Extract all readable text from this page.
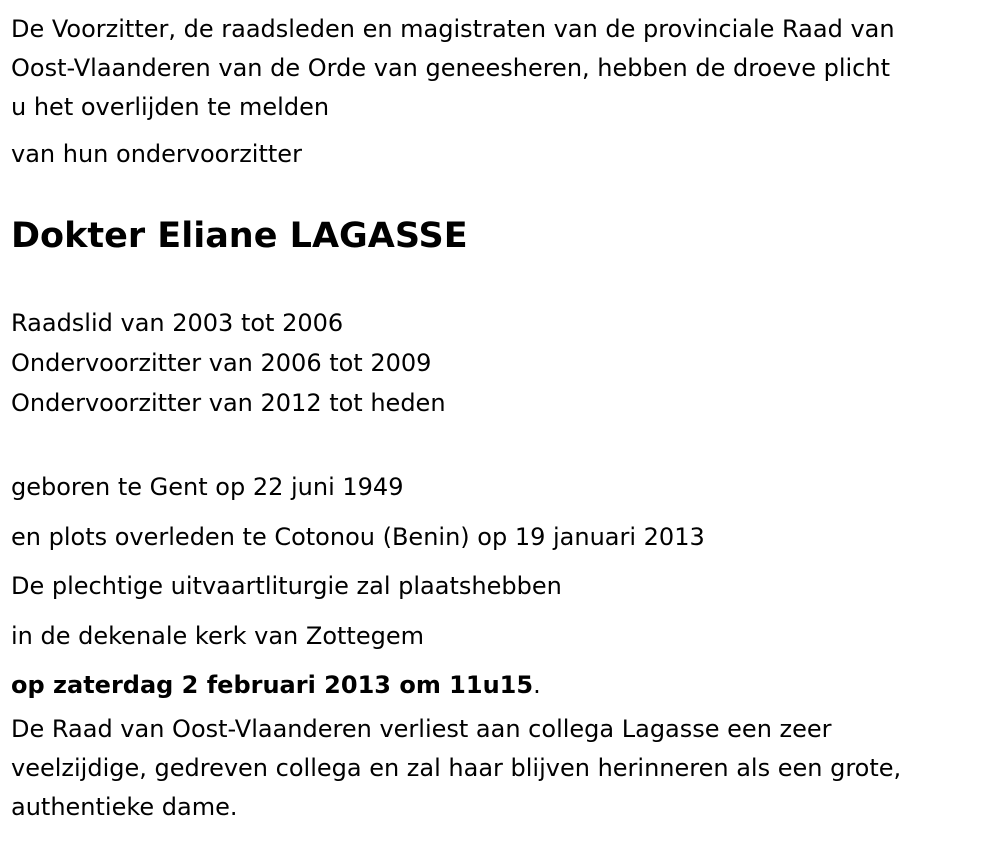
De Voorzitter, de raadsleden en magistraten van de provinciale Raad van

Oost-Vlaanderen van de Orde van geneesheren, hebben de droeve plicht

u het overlijden te melden

van hun ondervoorzitter

Dokter Eliane LAGASSE

Raadslid van 2003 tot 2006

Ondervoorzitter van 2006 tot 2009

Ondervoorzitter van 2012 tot heden

geboren te Gent op 22 juni 1949

en plots overleden te Cotonou (Benin) op 19 januari 2013

De plechtige uitvaartliturgie zal plaatshebben

in de dekenale kerk van Zottegem

op zaterdag 2 februari 2013 om 11u15.

De Raad van Oost-Vlaanderen verliest aan collega Lagasse een zeer

veelzijdige, gedreven collega en zal haar blijven herinneren als een grote,

authentieke dame.
